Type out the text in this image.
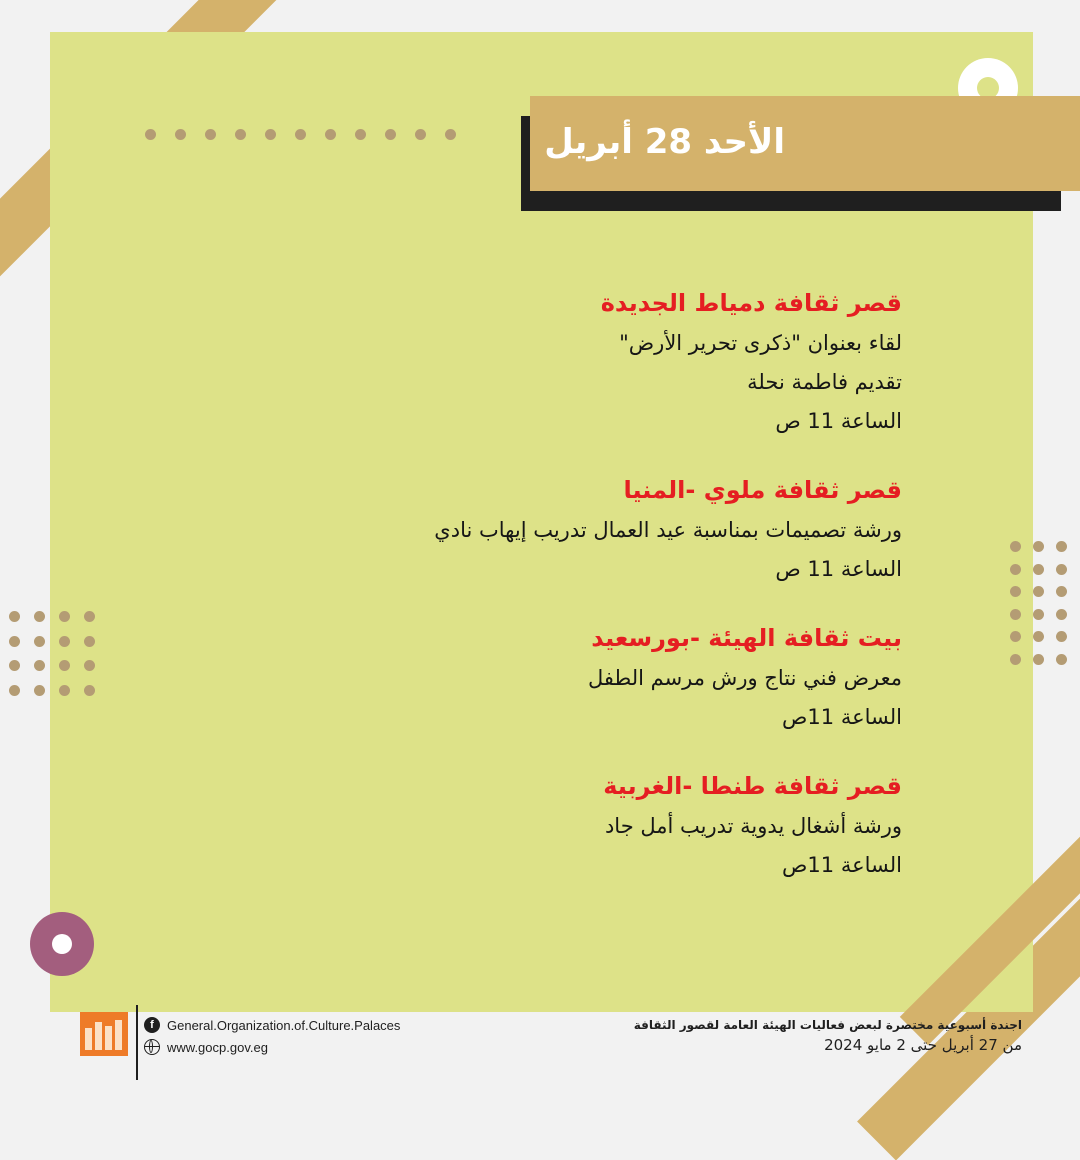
الأحد 28 أبريل
قصر ثقافة دمياط الجديدة
لقاء بعنوان "ذكرى تحرير الأرض"
تقديم فاطمة نحلة
الساعة 11 ص
قصر ثقافة ملوي -المنيا
ورشة تصميمات بمناسبة عيد العمال تدريب إيهاب نادي
الساعة 11 ص
بيت ثقافة الهيئة -بورسعيد
معرض فني نتاج ورش مرسم الطفل
الساعة 11ص
قصر ثقافة طنطا -الغربية
ورشة أشغال يدوية تدريب أمل جاد
الساعة 11ص
f	General.Organization.of.Culture.Palaces
www.gocp.gov.eg
اجندة أسبوعية مختصرة لبعض فعاليات الهيئة العامة لقصور الثقافة
من 27 أبريل حتى 2 مايو 2024
